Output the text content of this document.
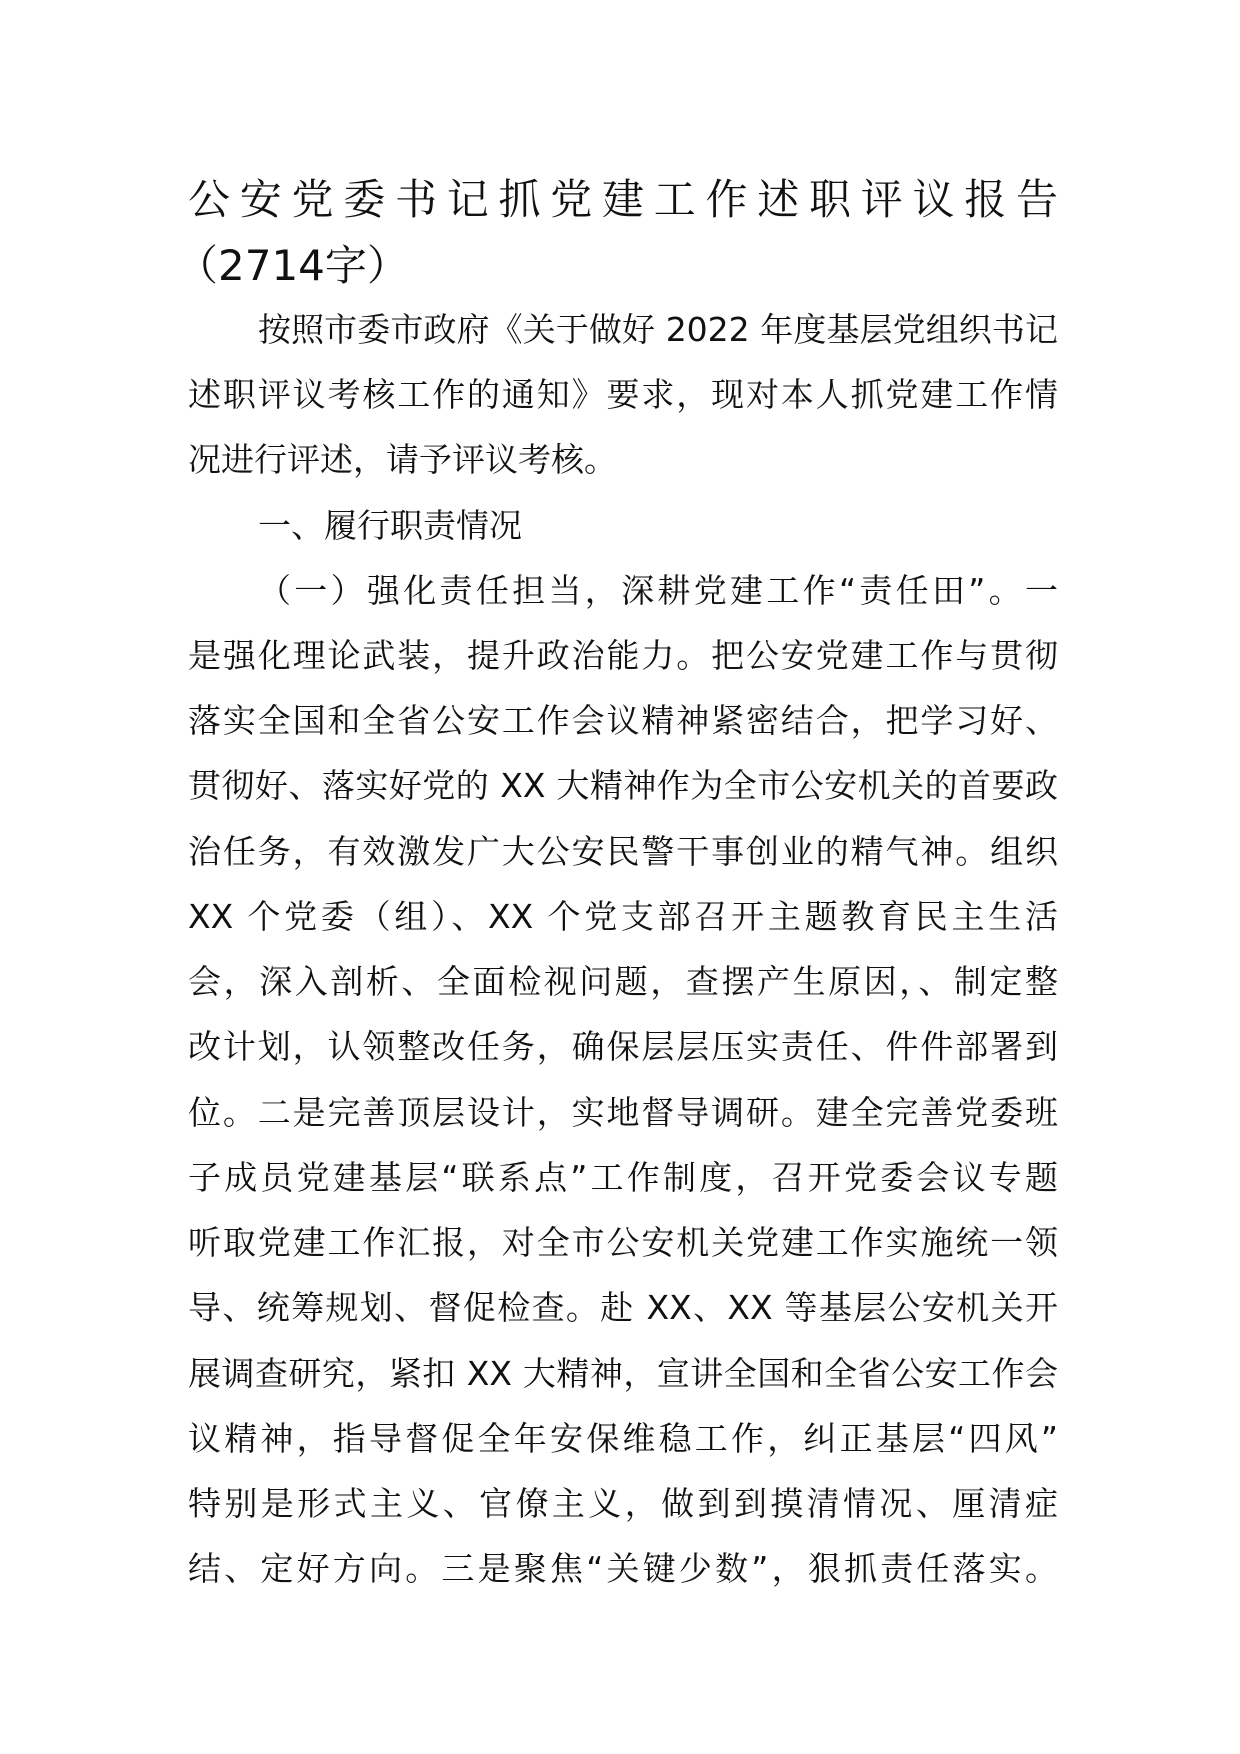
公安党委书记抓党建工作述职评议报告
（2714字）
按照市委市政府《关于做好 2022 年度基层党组织书记
述职评议考核工作的通知》要求，现对本人抓党建工作情
况进行评述，请予评议考核。
一、履行职责情况
（一）强化责任担当，深耕党建工作“责任田”。一
是强化理论武装，提升政治能力。把公安党建工作与贯彻
落实全国和全省公安工作会议精神紧密结合，把学习好、
贯彻好、落实好党的 XX 大精神作为全市公安机关的首要政
治任务，有效激发广大公安民警干事创业的精气神。组织
XX 个党委（组）、XX 个党支部召开主题教育民主生活
会，深入剖析、全面检视问题，查摆产生原因，、制定整
改计划，认领整改任务，确保层层压实责任、件件部署到
位。二是完善顶层设计，实地督导调研。建全完善党委班
子成员党建基层“联系点”工作制度，召开党委会议专题
听取党建工作汇报，对全市公安机关党建工作实施统一领
导、统筹规划、督促检查。赴 XX、XX 等基层公安机关开
展调查研究，紧扣 XX 大精神，宣讲全国和全省公安工作会
议精神，指导督促全年安保维稳工作，纠正基层“四风”
特别是形式主义、官僚主义，做到到摸清情况、厘清症
结、定好方向。三是聚焦“关键少数”，狠抓责任落实。
